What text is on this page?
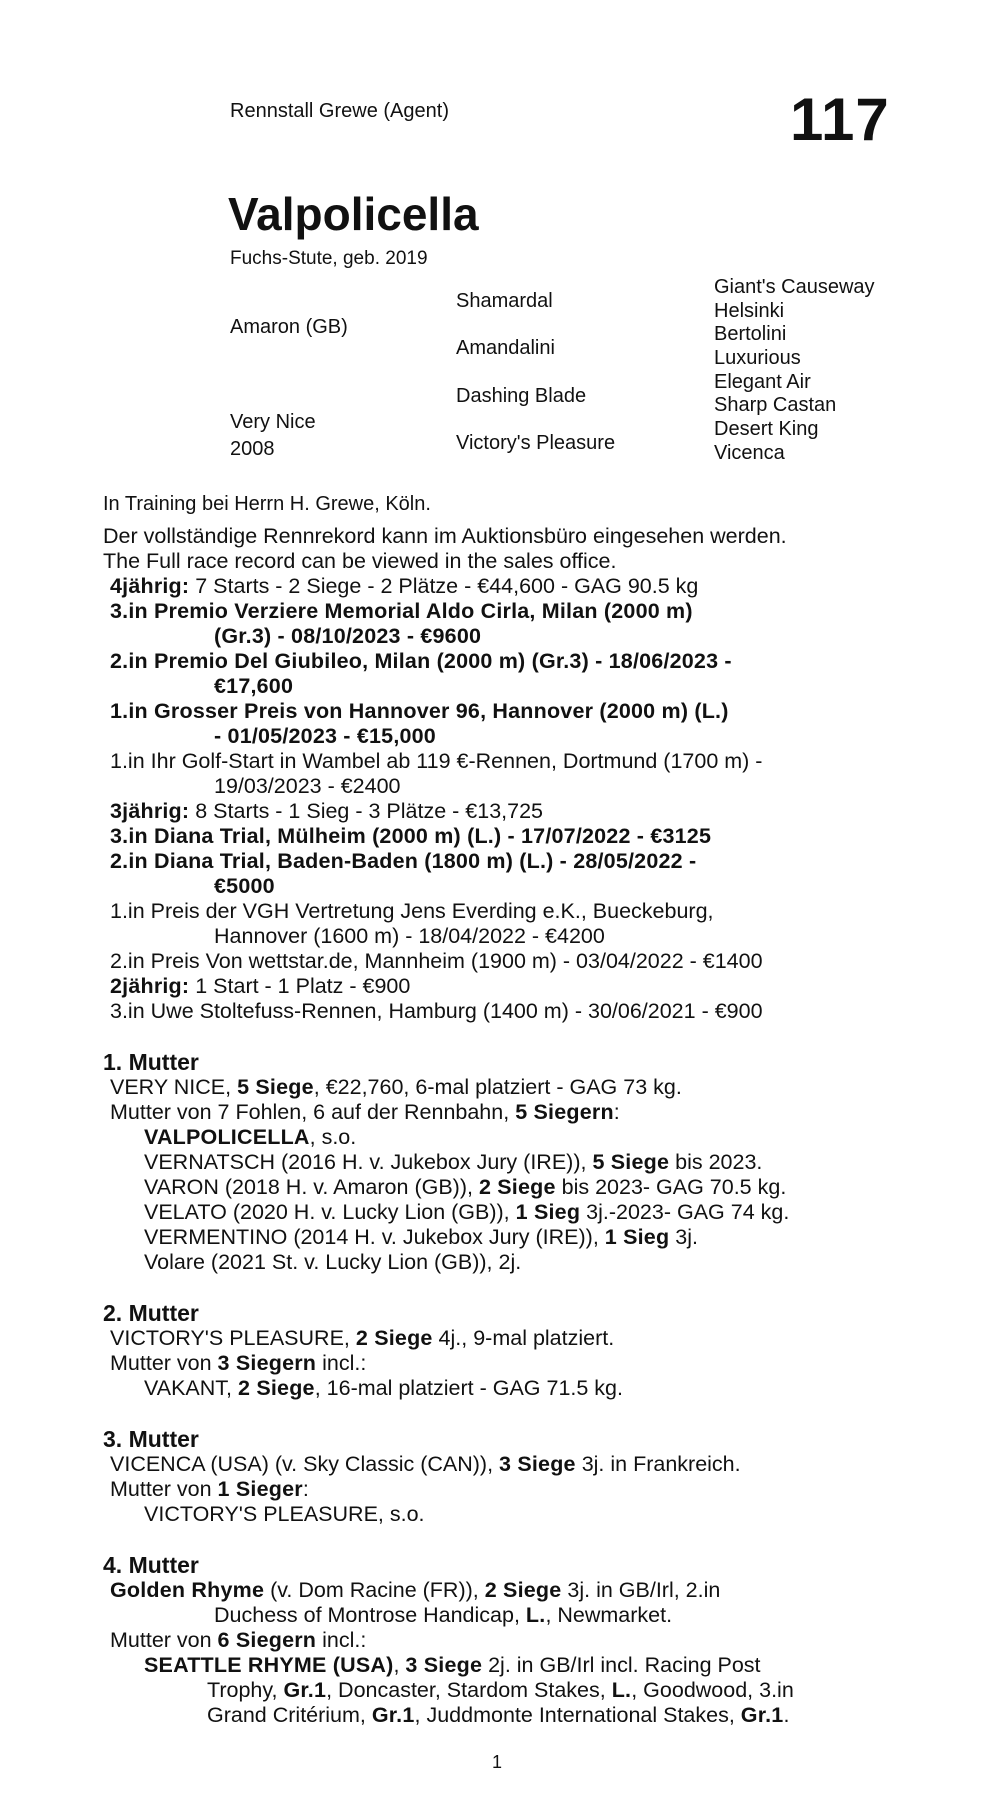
Rennstall Grewe (Agent)	117
Valpolicella
Fuchs-Stute, geb. 2019
Amaron (GB)
Very Nice
2008
Shamardal
Amandalini
Dashing Blade
Victory's Pleasure
Giant's Causeway
Helsinki
Bertolini
Luxurious
Elegant Air
Sharp Castan
Desert King
Vicenca
In Training bei Herrn H. Grewe, Köln.
Der vollständige Rennrekord kann im Auktionsbüro eingesehen werden.
The Full race record can be viewed in the sales office.
4jährig: 7 Starts - 2 Siege - 2 Plätze - €44,600 - GAG 90.5 kg
3.in Premio Verziere Memorial Aldo Cirla, Milan (2000 m)
(Gr.3) - 08/10/2023 - €9600
2.in Premio Del Giubileo, Milan (2000 m) (Gr.3) - 18/06/2023 -
€17,600
1.in Grosser Preis von Hannover 96, Hannover (2000 m) (L.)
- 01/05/2023 - €15,000
1.in Ihr Golf-Start in Wambel ab 119 €-Rennen, Dortmund (1700 m) -
19/03/2023 - €2400
3jährig: 8 Starts - 1 Sieg - 3 Plätze - €13,725
3.in Diana Trial, Mülheim (2000 m) (L.) - 17/07/2022 - €3125
2.in Diana Trial, Baden-Baden (1800 m) (L.) - 28/05/2022 -
€5000
1.in Preis der VGH Vertretung Jens Everding e.K., Bueckeburg,
Hannover (1600 m) - 18/04/2022 - €4200
2.in Preis Von wettstar.de, Mannheim (1900 m) - 03/04/2022 - €1400
2jährig: 1 Start - 1 Platz - €900
3.in Uwe Stoltefuss-Rennen, Hamburg (1400 m) - 30/06/2021 - €900
1. Mutter
VERY NICE, 5 Siege, €22,760, 6-mal platziert - GAG 73 kg.
Mutter von 7 Fohlen, 6 auf der Rennbahn, 5 Siegern:
VALPOLICELLA, s.o.
VERNATSCH (2016 H. v. Jukebox Jury (IRE)), 5 Siege bis 2023.
VARON (2018 H. v. Amaron (GB)), 2 Siege bis 2023- GAG 70.5 kg.
VELATO (2020 H. v. Lucky Lion (GB)), 1 Sieg 3j.-2023- GAG 74 kg.
VERMENTINO (2014 H. v. Jukebox Jury (IRE)), 1 Sieg 3j.
Volare (2021 St. v. Lucky Lion (GB)), 2j.
2. Mutter
VICTORY'S PLEASURE, 2 Siege 4j., 9-mal platziert.
Mutter von 3 Siegern incl.:
VAKANT, 2 Siege, 16-mal platziert - GAG 71.5 kg.
3. Mutter
VICENCA (USA) (v. Sky Classic (CAN)), 3 Siege 3j. in Frankreich.
Mutter von 1 Sieger:
VICTORY'S PLEASURE, s.o.
4. Mutter
Golden Rhyme (v. Dom Racine (FR)), 2 Siege 3j. in GB/Irl, 2.in
Duchess of Montrose Handicap, L., Newmarket.
Mutter von 6 Siegern incl.:
SEATTLE RHYME (USA), 3 Siege 2j. in GB/Irl incl. Racing Post
Trophy, Gr.1, Doncaster, Stardom Stakes, L., Goodwood, 3.in
Grand Critérium, Gr.1, Juddmonte International Stakes, Gr.1.
1
